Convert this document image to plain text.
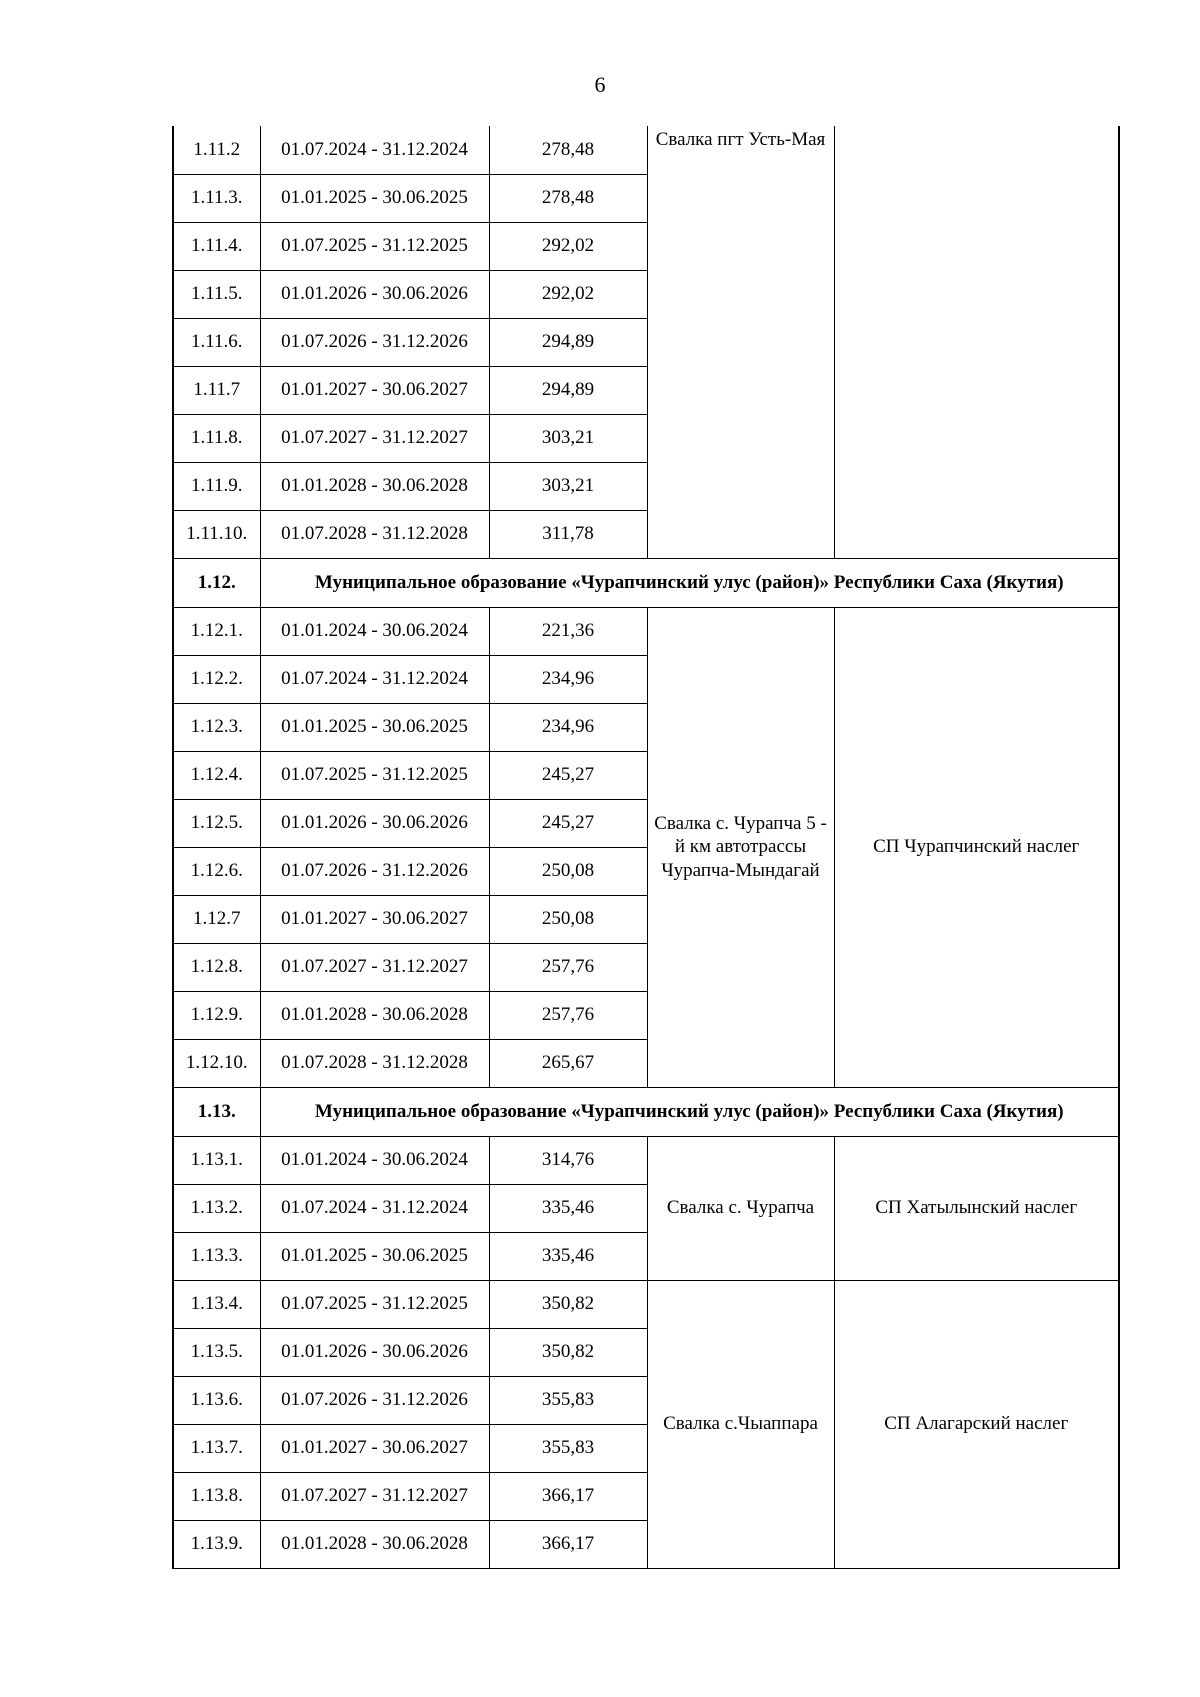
6
1.11.2	01.07.2024 - 31.12.2024	278,48	Свалка пгт Усть-Мая	
1.11.3.	01.01.2025 - 30.06.2025	278,48		
1.11.4.	01.07.2025 - 31.12.2025	292,02		
1.11.5.	01.01.2026 - 30.06.2026	292,02		
1.11.6.	01.07.2026 - 31.12.2026	294,89		
1.11.7	01.01.2027 - 30.06.2027	294,89		
1.11.8.	01.07.2027 - 31.12.2027	303,21		
1.11.9.	01.01.2028 - 30.06.2028	303,21		
1.11.10.	01.07.2028 - 31.12.2028	311,78		
1.12.	Муниципальное образование «Чурапчинский улус (район)» Республики Саха (Якутия)			
1.12.1.	01.01.2024 - 30.06.2024	221,36	Свалка с. Чурапча 5 - й км автотрассы Чурапча-Мындагай	СП Чурапчинский наслег
1.12.2.	01.07.2024 - 31.12.2024	234,96		
1.12.3.	01.01.2025 - 30.06.2025	234,96		
1.12.4.	01.07.2025 - 31.12.2025	245,27		
1.12.5.	01.01.2026 - 30.06.2026	245,27		
1.12.6.	01.07.2026 - 31.12.2026	250,08		
1.12.7	01.01.2027 - 30.06.2027	250,08		
1.12.8.	01.07.2027 - 31.12.2027	257,76		
1.12.9.	01.01.2028 - 30.06.2028	257,76		
1.12.10.	01.07.2028 - 31.12.2028	265,67		
1.13.	Муниципальное образование «Чурапчинский улус (район)» Республики Саха (Якутия)			
1.13.1.	01.01.2024 - 30.06.2024	314,76	Свалка с. Чурапча	СП Хатылынский наслег
1.13.2.	01.07.2024 - 31.12.2024	335,46		
1.13.3.	01.01.2025 - 30.06.2025	335,46		
1.13.4.	01.07.2025 - 31.12.2025	350,82	Свалка с.Чыаппара	СП Алагарский наслег
1.13.5.	01.01.2026 - 30.06.2026	350,82		
1.13.6.	01.07.2026 - 31.12.2026	355,83		
1.13.7.	01.01.2027 - 30.06.2027	355,83		
1.13.8.	01.07.2027 - 31.12.2027	366,17		
1.13.9.	01.01.2028 - 30.06.2028	366,17		
